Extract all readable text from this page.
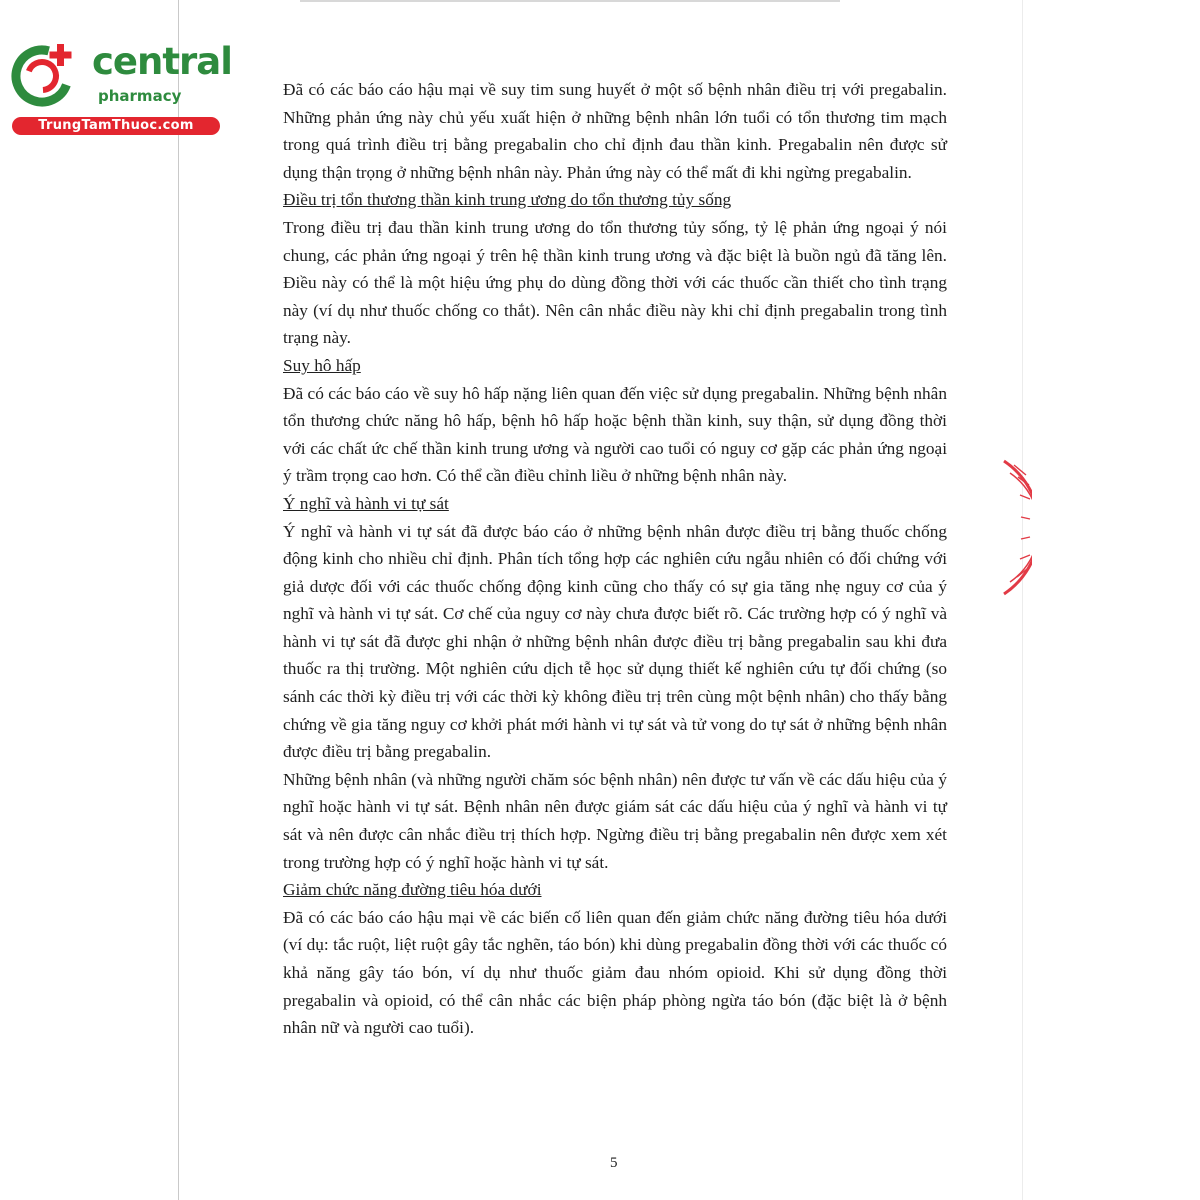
central
pharmacy
TrungTamThuoc.com

Đã có các báo cáo hậu mại về suy tim sung huyết ở một số bệnh nhân điều trị với pregabalin. Những phản ứng này chủ yếu xuất hiện ở những bệnh nhân lớn tuổi có tổn thương tim mạch trong quá trình điều trị bằng pregabalin cho chỉ định đau thần kinh. Pregabalin nên được sử dụng thận trọng ở những bệnh nhân này. Phản ứng này có thể mất đi khi ngừng pregabalin.

Điều trị tổn thương thần kinh trung ương do tổn thương tủy sống

Trong điều trị đau thần kinh trung ương do tổn thương tủy sống, tỷ lệ phản ứng ngoại ý nói chung, các phản ứng ngoại ý trên hệ thần kinh trung ương và đặc biệt là buồn ngủ đã tăng lên. Điều này có thể là một hiệu ứng phụ do dùng đồng thời với các thuốc cần thiết cho tình trạng này (ví dụ như thuốc chống co thắt). Nên cân nhắc điều này khi chỉ định pregabalin trong tình trạng này.

Suy hô hấp

Đã có các báo cáo về suy hô hấp nặng liên quan đến việc sử dụng pregabalin. Những bệnh nhân tổn thương chức năng hô hấp, bệnh hô hấp hoặc bệnh thần kinh, suy thận, sử dụng đồng thời với các chất ức chế thần kinh trung ương và người cao tuổi có nguy cơ gặp các phản ứng ngoại ý trầm trọng cao hơn. Có thể cần điều chỉnh liều ở những bệnh nhân này.

Ý nghĩ và hành vi tự sát

Ý nghĩ và hành vi tự sát đã được báo cáo ở những bệnh nhân được điều trị bằng thuốc chống động kinh cho nhiều chỉ định. Phân tích tổng hợp các nghiên cứu ngẫu nhiên có đối chứng với giả dược đối với các thuốc chống động kinh cũng cho thấy có sự gia tăng nhẹ nguy cơ của ý nghĩ và hành vi tự sát. Cơ chế của nguy cơ này chưa được biết rõ. Các trường hợp có ý nghĩ và hành vi tự sát đã được ghi nhận ở những bệnh nhân được điều trị bằng pregabalin sau khi đưa thuốc ra thị trường. Một nghiên cứu dịch tễ học sử dụng thiết kế nghiên cứu tự đối chứng (so sánh các thời kỳ điều trị với các thời kỳ không điều trị trên cùng một bệnh nhân) cho thấy bằng chứng về gia tăng nguy cơ khởi phát mới hành vi tự sát và tử vong do tự sát ở những bệnh nhân được điều trị bằng pregabalin.

Những bệnh nhân (và những người chăm sóc bệnh nhân) nên được tư vấn về các dấu hiệu của ý nghĩ hoặc hành vi tự sát. Bệnh nhân nên được giám sát các dấu hiệu của ý nghĩ và hành vi tự sát và nên được cân nhắc điều trị thích hợp. Ngừng điều trị bằng pregabalin nên được xem xét trong trường hợp có ý nghĩ hoặc hành vi tự sát.

Giảm chức năng đường tiêu hóa dưới

Đã có các báo cáo hậu mại về các biến cố liên quan đến giảm chức năng đường tiêu hóa dưới (ví dụ: tắc ruột, liệt ruột gây tắc nghẽn, táo bón) khi dùng pregabalin đồng thời với các thuốc có khả năng gây táo bón, ví dụ như thuốc giảm đau nhóm opioid. Khi sử dụng đồng thời pregabalin và opioid, có thể cân nhắc các biện pháp phòng ngừa táo bón (đặc biệt là ở bệnh nhân nữ và người cao tuổi).

5
